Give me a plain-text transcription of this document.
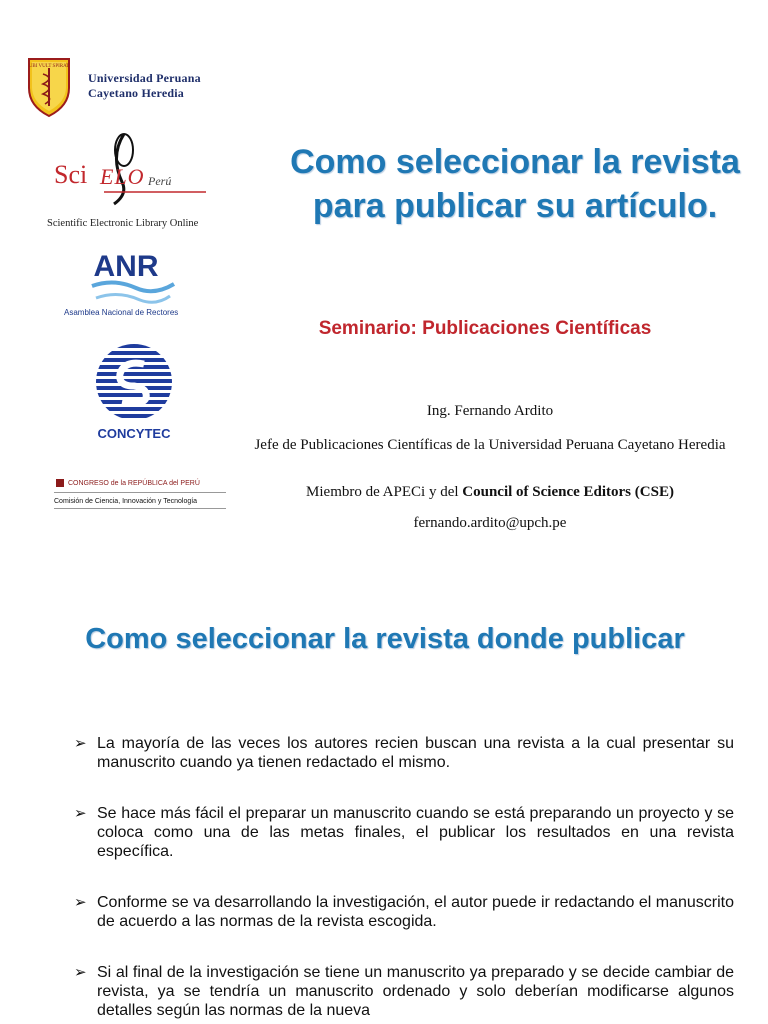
UBI VULT SPIRAT
Universidad Peruana
Cayetano Heredia
Sci ELO Perú
Scientific Electronic Library Online
ANR
Asamblea Nacional de Rectores
CONCYTEC
CONGRESO de la REPÚBLICA del PERÚ
Comisión de Ciencia, Innovación y Tecnología
Como seleccionar la revista para publicar su artículo.
Seminario: Publicaciones Científicas
Ing. Fernando Ardito
Jefe de Publicaciones Científicas de la Universidad Peruana Cayetano Heredia
Miembro de APECi y del Council of Science Editors (CSE)
fernando.ardito@upch.pe
Como seleccionar la revista donde publicar
➢ La mayoría de las veces los autores recien buscan una revista a la cual presentar su manuscrito cuando ya tienen redactado el mismo.
➢ Se hace más fácil el preparar un manuscrito cuando se está preparando un proyecto y se coloca como una de las metas finales, el publicar los resultados en una revista específica.
➢ Conforme se va desarrollando la investigación, el autor puede ir redactando el manuscrito de acuerdo a las normas de la revista escogida.
➢ Si al final de la investigación se tiene un manuscrito ya preparado y se decide cambiar de revista, ya se tendría un manuscrito ordenado y solo deberían modificarse algunos detalles según las normas de la nueva
